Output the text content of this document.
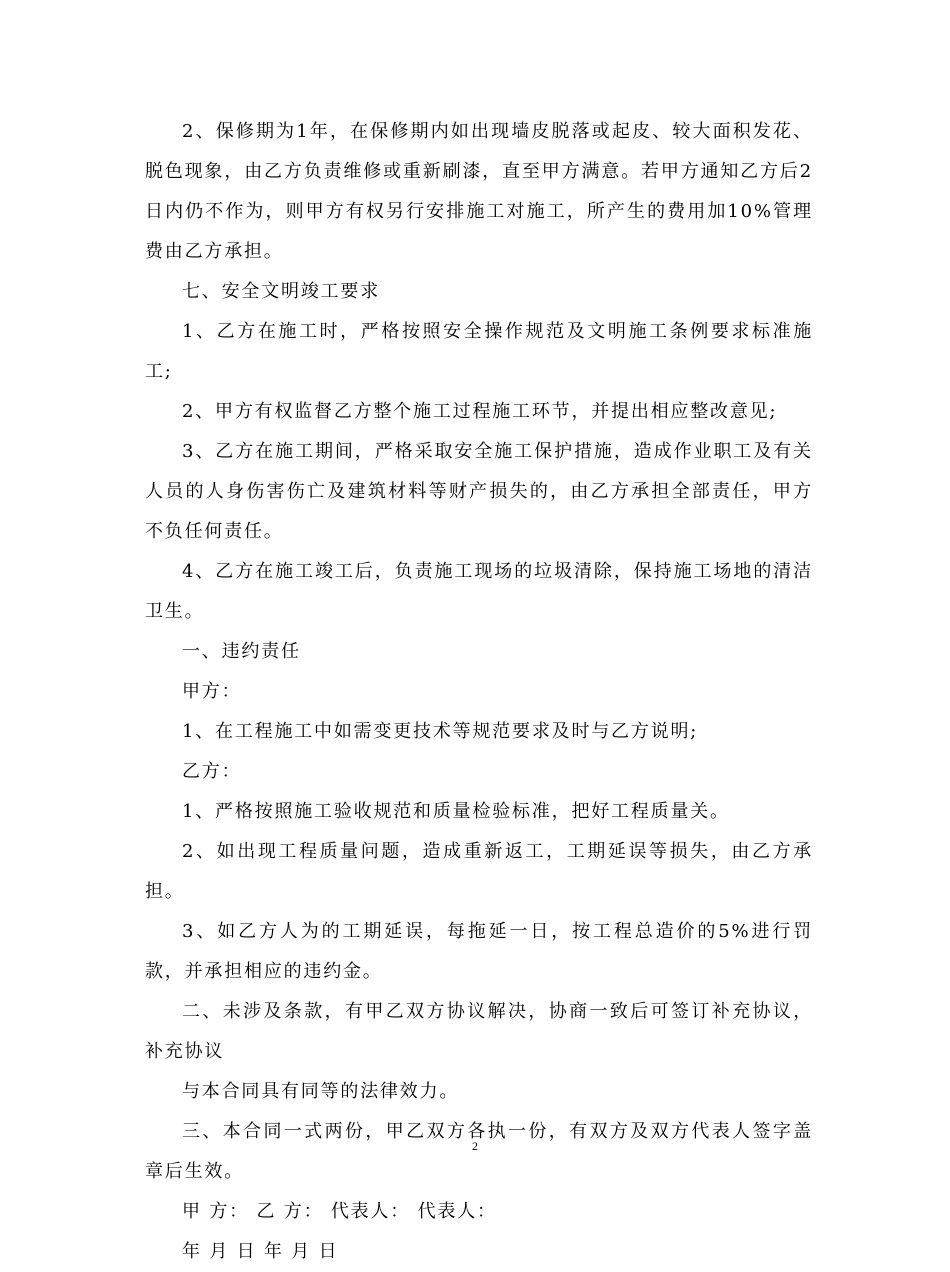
2、保修期为1年，在保修期内如出现墙皮脱落或起皮、较大面积发花、脱色现象，由乙方负责维修或重新刷漆，直至甲方满意。若甲方通知乙方后2日内仍不作为，则甲方有权另行安排施工对施工，所产生的费用加10%管理费由乙方承担。

七、安全文明竣工要求

1、乙方在施工时，严格按照安全操作规范及文明施工条例要求标准施工;

2、甲方有权监督乙方整个施工过程施工环节，并提出相应整改意见;

3、乙方在施工期间，严格采取安全施工保护措施，造成作业职工及有关人员的人身伤害伤亡及建筑材料等财产损失的，由乙方承担全部责任，甲方不负任何责任。

4、乙方在施工竣工后，负责施工现场的垃圾清除，保持施工场地的清洁卫生。

一、违约责任

甲方：

1、在工程施工中如需变更技术等规范要求及时与乙方说明;

乙方：

1、严格按照施工验收规范和质量检验标准，把好工程质量关。

2、如出现工程质量问题，造成重新返工，工期延误等损失，由乙方承担。

3、如乙方人为的工期延误，每拖延一日，按工程总造价的5%进行罚款，并承担相应的违约金。

二、未涉及条款，有甲乙双方协议解决，协商一致后可签订补充协议，补充协议

与本合同具有同等的法律效力。

三、本合同一式两份，甲乙双方各执一份，有双方及双方代表人签字盖章后生效。

甲 方： 乙 方： 代表人： 代表人：

年 月 日 年 月 日

2
